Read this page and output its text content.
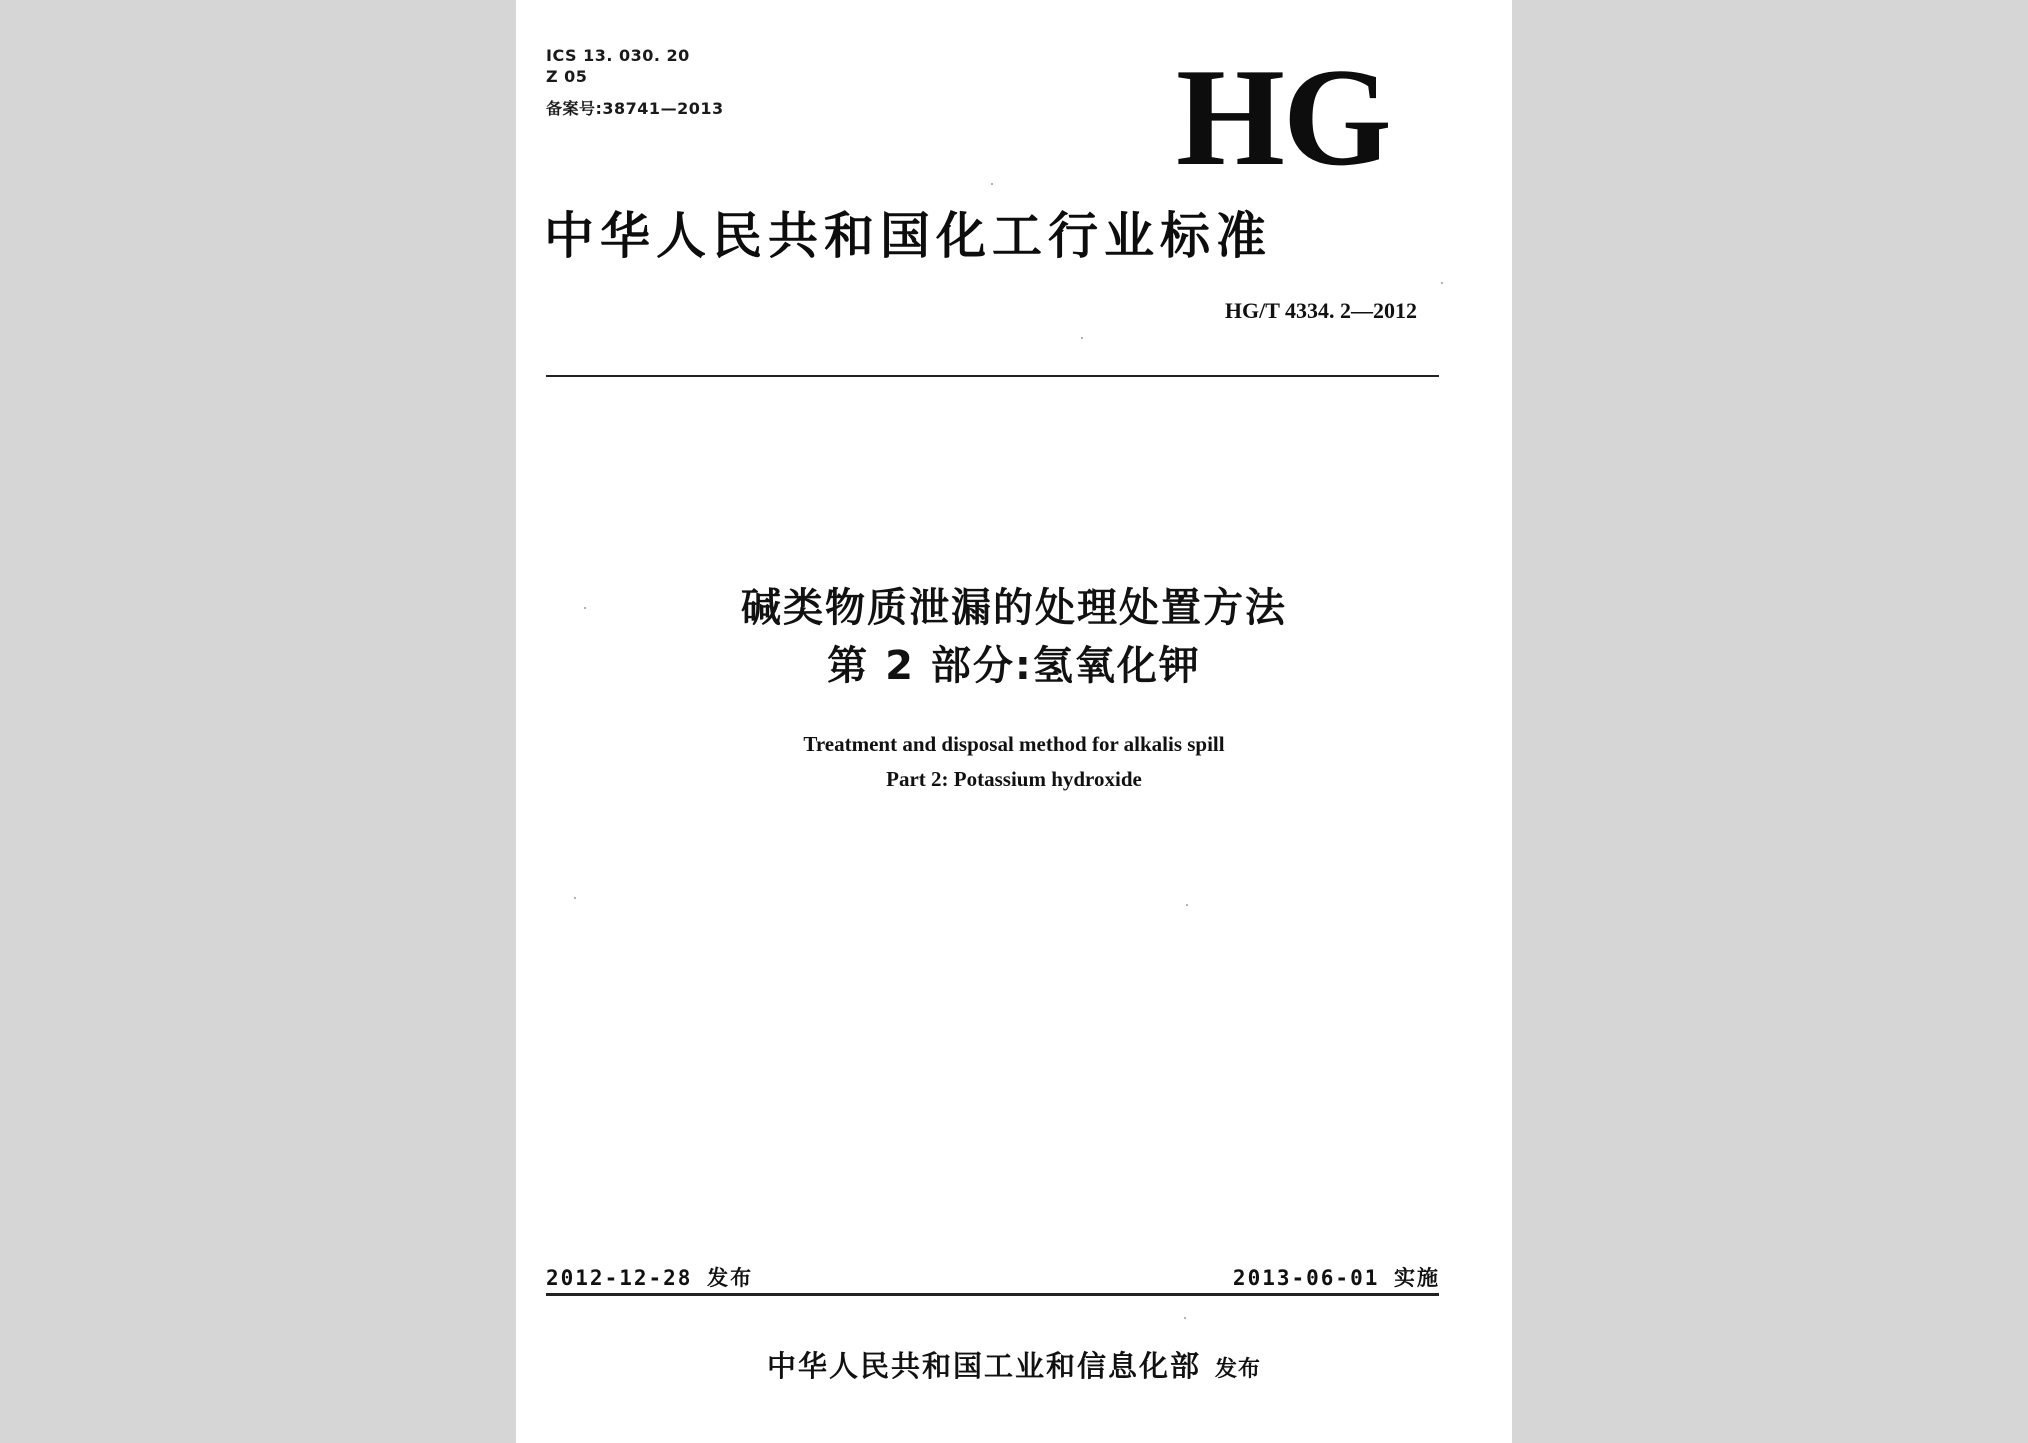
ICS 13. 030. 20
Z 05
备案号:38741—2013	HG
中华人民共和国化工行业标准
HG/T 4334. 2—2012
碱类物质泄漏的处理处置方法
第 2 部分:氢氧化钾
Treatment and disposal method for alkalis spill
Part 2: Potassium hydroxide
2012-12-28 发布	2013-06-01 实施
中华人民共和国工业和信息化部 发布
